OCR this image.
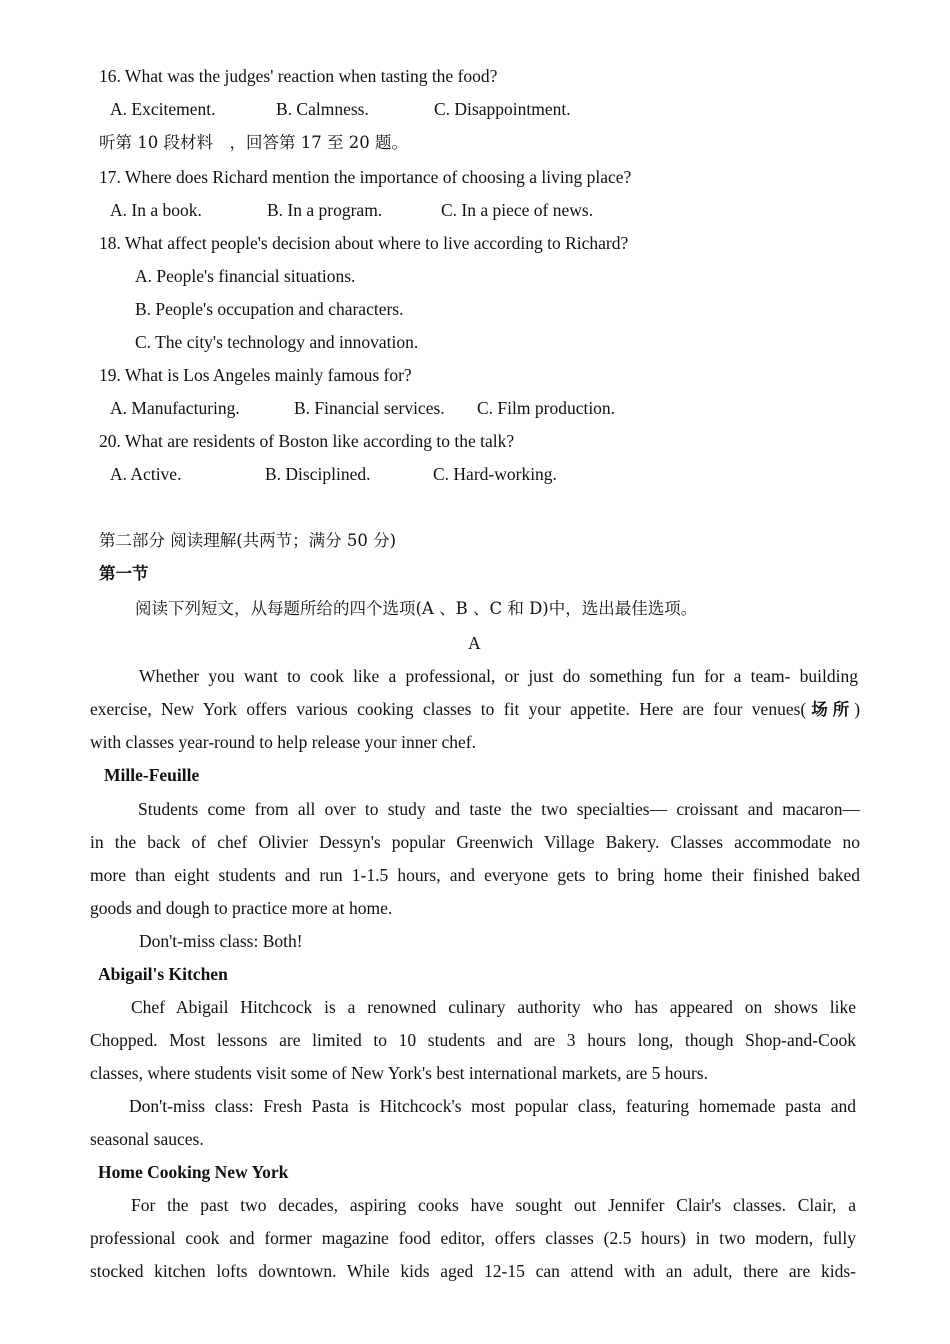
16. What was the judges' reaction when tasting the food?
A. Excitement.	B. Calmness.	C. Disappointment.
听第 10 段材料　，回答第 17 至 20 题。
17. Where does Richard mention the importance of choosing a living place?
A. In a book.	B. In a program.	C. In a piece of news.
18. What affect people's decision about where to live according to Richard?
A. People's financial situations.
B. People's occupation and characters.
C. The city's technology and innovation.
19. What is Los Angeles mainly famous for?
A. Manufacturing.	B. Financial services. C. Film production.
20. What are residents of Boston like according to the talk?
A. Active.	B. Disciplined.	C. Hard-working.
第二部分 阅读理解(共两节；满分 50 分)
第一节
阅读下列短文，从每题所给的四个选项(A 、B 、C 和 D)中，选出最佳选项。
A
Whether you want to cook like a professional, or just do something fun for a team- building
exercise, New York offers various cooking classes to fit your appetite. Here are four venues(场所)
with classes year-round to help release your inner chef.
Mille-Feuille
Students come from all over to study and taste the two specialties— croissant and macaron—
in the back of chef Olivier Dessyn's popular Greenwich Village Bakery. Classes accommodate no
more than eight students and run 1-1.5 hours, and everyone gets to bring home their finished baked
goods and dough to practice more at home.
Don't-miss class: Both!
Abigail's Kitchen
Chef Abigail Hitchcock is a renowned culinary authority who has appeared on shows like
Chopped. Most lessons are limited to 10 students and are 3 hours long, though Shop-and-Cook
classes, where students visit some of New York's best international markets, are 5 hours.
Don't-miss class: Fresh Pasta is Hitchcock's most popular class, featuring homemade pasta and
seasonal sauces.
Home Cooking New York
For the past two decades, aspiring cooks have sought out Jennifer Clair's classes. Clair, a
professional cook and former magazine food editor, offers classes (2.5 hours) in two modern, fully
stocked kitchen lofts downtown. While kids aged 12-15 can attend with an adult, there are kids-
